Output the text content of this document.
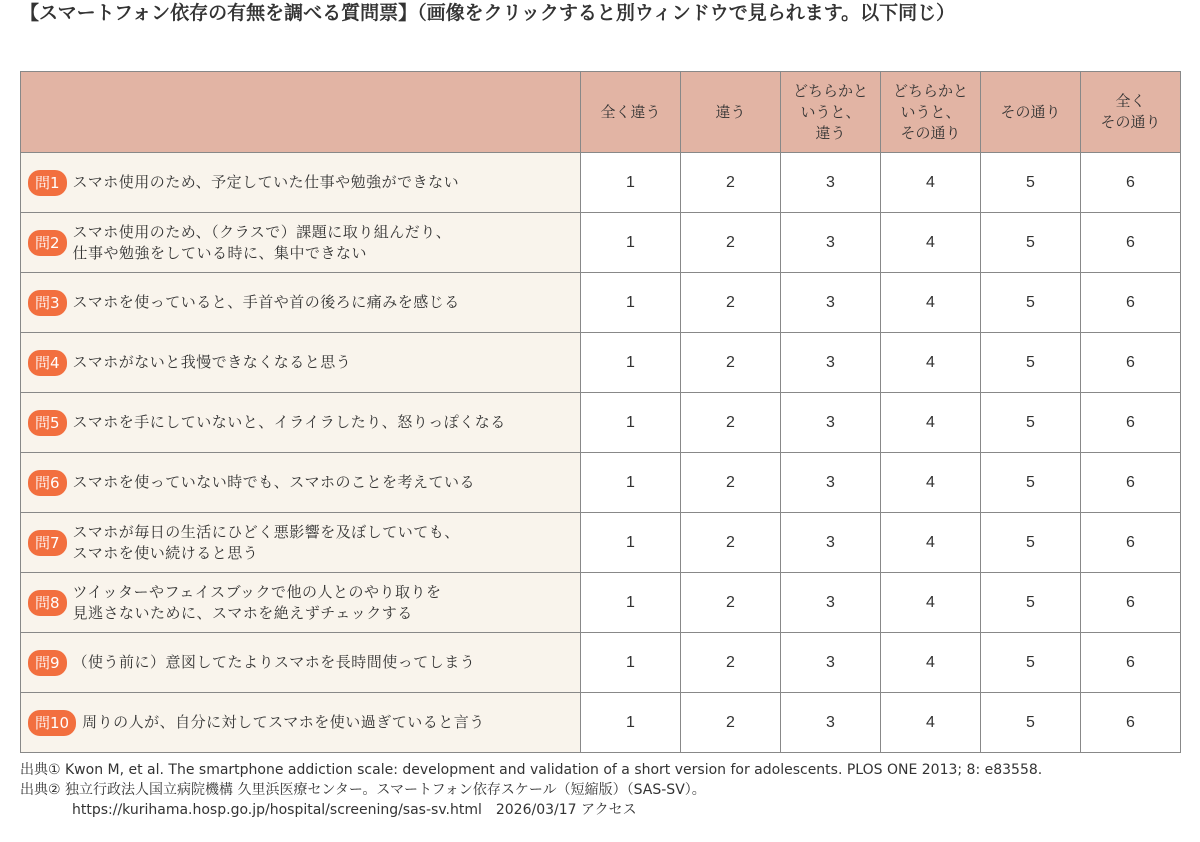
【スマートフォン依存の有無を調べる質問票】（画像をクリックすると別ウィンドウで見られます。以下同じ）
	全く違う	違う	どちらかと
いうと、
違う	どちらかと
いうと、
その通り	その通り	全く
その通り

問1 スマホ使用のため、予定していた仕事や勉強ができない	1	2	3	4	5	6

問2
スマホ使用のため、（クラスで）課題に取り組んだり、
仕事や勉強をしている時に、集中できない	1	2	3	4	5	6

問3 スマホを使っていると、手首や首の後ろに痛みを感じる	1	2	3	4	5	6

問4 スマホがないと我慢できなくなると思う	1	2	3	4	5	6

問5 スマホを手にしていないと、イライラしたり、怒りっぽくなる	1	2	3	4	5	6

問6 スマホを使っていない時でも、スマホのことを考えている	1	2	3	4	5	6

問7
スマホが毎日の生活にひどく悪影響を及ぼしていても、
スマホを使い続けると思う	1	2	3	4	5	6

問8
ツイッターやフェイスブックで他の人とのやり取りを
見逃さないために、スマホを絶えずチェックする	1	2	3	4	5	6

問9 （使う前に）意図してたよりスマホを長時間使ってしまう	1	2	3	4	5	6

問10 周りの人が、自分に対してスマホを使い過ぎていると言う	1	2	3	4	5	6
出典① Kwon M, et al. The smartphone addiction scale: development and validation of a short version for adolescents. PLOS ONE 2013; 8: e83558.
出典② 独立行政法人国立病院機構 久里浜医療センター。スマートフォン依存スケール（短縮版）（SAS-SV）。
https://kurihama.hosp.go.jp/hospital/screening/sas-sv.html　2026/03/17 アクセス
